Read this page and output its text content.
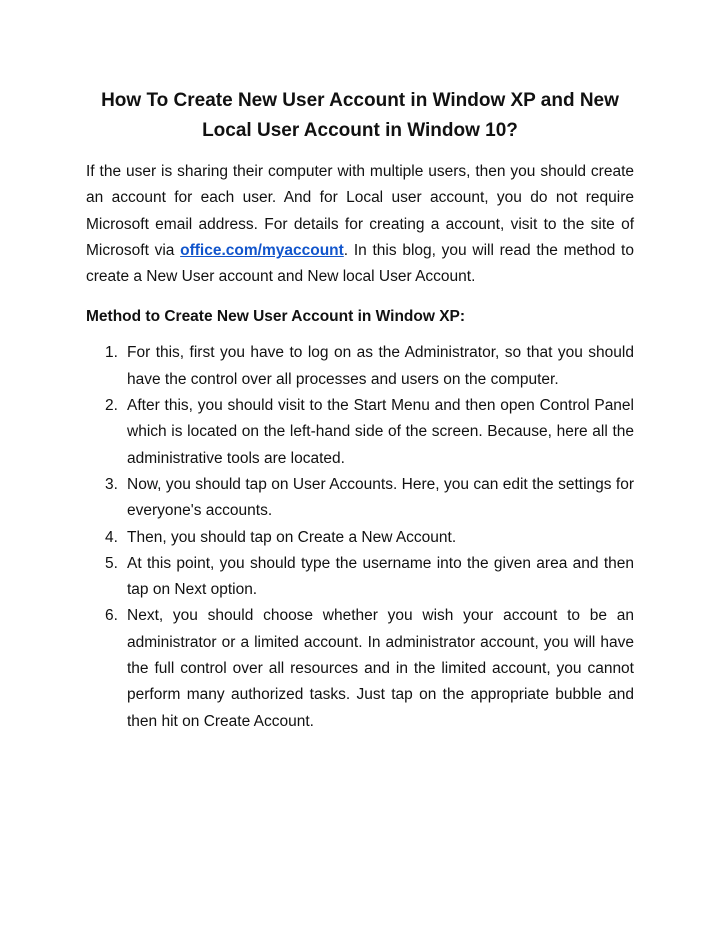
How To Create New User Account in Window XP and New Local User Account in Window 10?

If the user is sharing their computer with multiple users, then you should create an account for each user. And for Local user account, you do not require Microsoft email address. For details for creating a account, visit to the site of Microsoft via office.com/myaccount. In this blog, you will read the method to create a New User account and New local User Account.

Method to Create New User Account in Window XP:
1. For this, first you have to log on as the Administrator, so that you should have the control over all processes and users on the computer.
2. After this, you should visit to the Start Menu and then open Control Panel which is located on the left-hand side of the screen. Because, here all the administrative tools are located.
3. Now, you should tap on User Accounts. Here, you can edit the settings for everyone's accounts.
4. Then, you should tap on Create a New Account.
5. At this point, you should type the username into the given area and then tap on Next option.
6. Next, you should choose whether you wish your account to be an administrator or a limited account. In administrator account, you will have the full control over all resources and in the limited account, you cannot perform many authorized tasks. Just tap on the appropriate bubble and then hit on Create Account.
